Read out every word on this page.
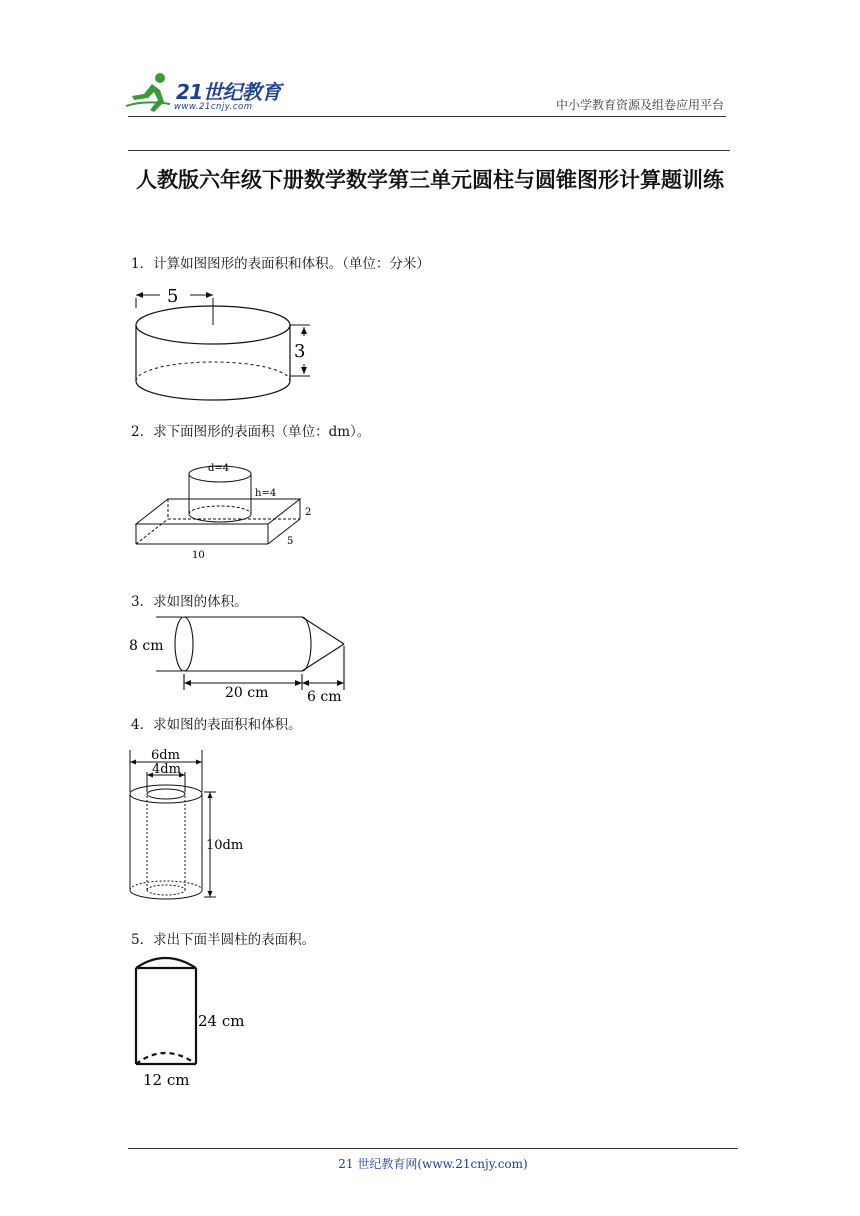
21世纪教育
www.21cnjy.com	中小学教育资源及组卷应用平台
人教版六年级下册数学数学第三单元圆柱与圆锥图形计算题训练
1．计算如图图形的表面积和体积。（单位：分米）
5
3
2．求下面图形的表面积（单位：dm）。
d=4
h=4
2
10
5
3．求如图的体积。
8 cm
20 cm	6 cm
4．求如图的表面积和体积。
6dm
4dm
10dm
5．求出下面半圆柱的表面积。
24 cm
12 cm
21 世纪教育网(www.21cnjy.com)
